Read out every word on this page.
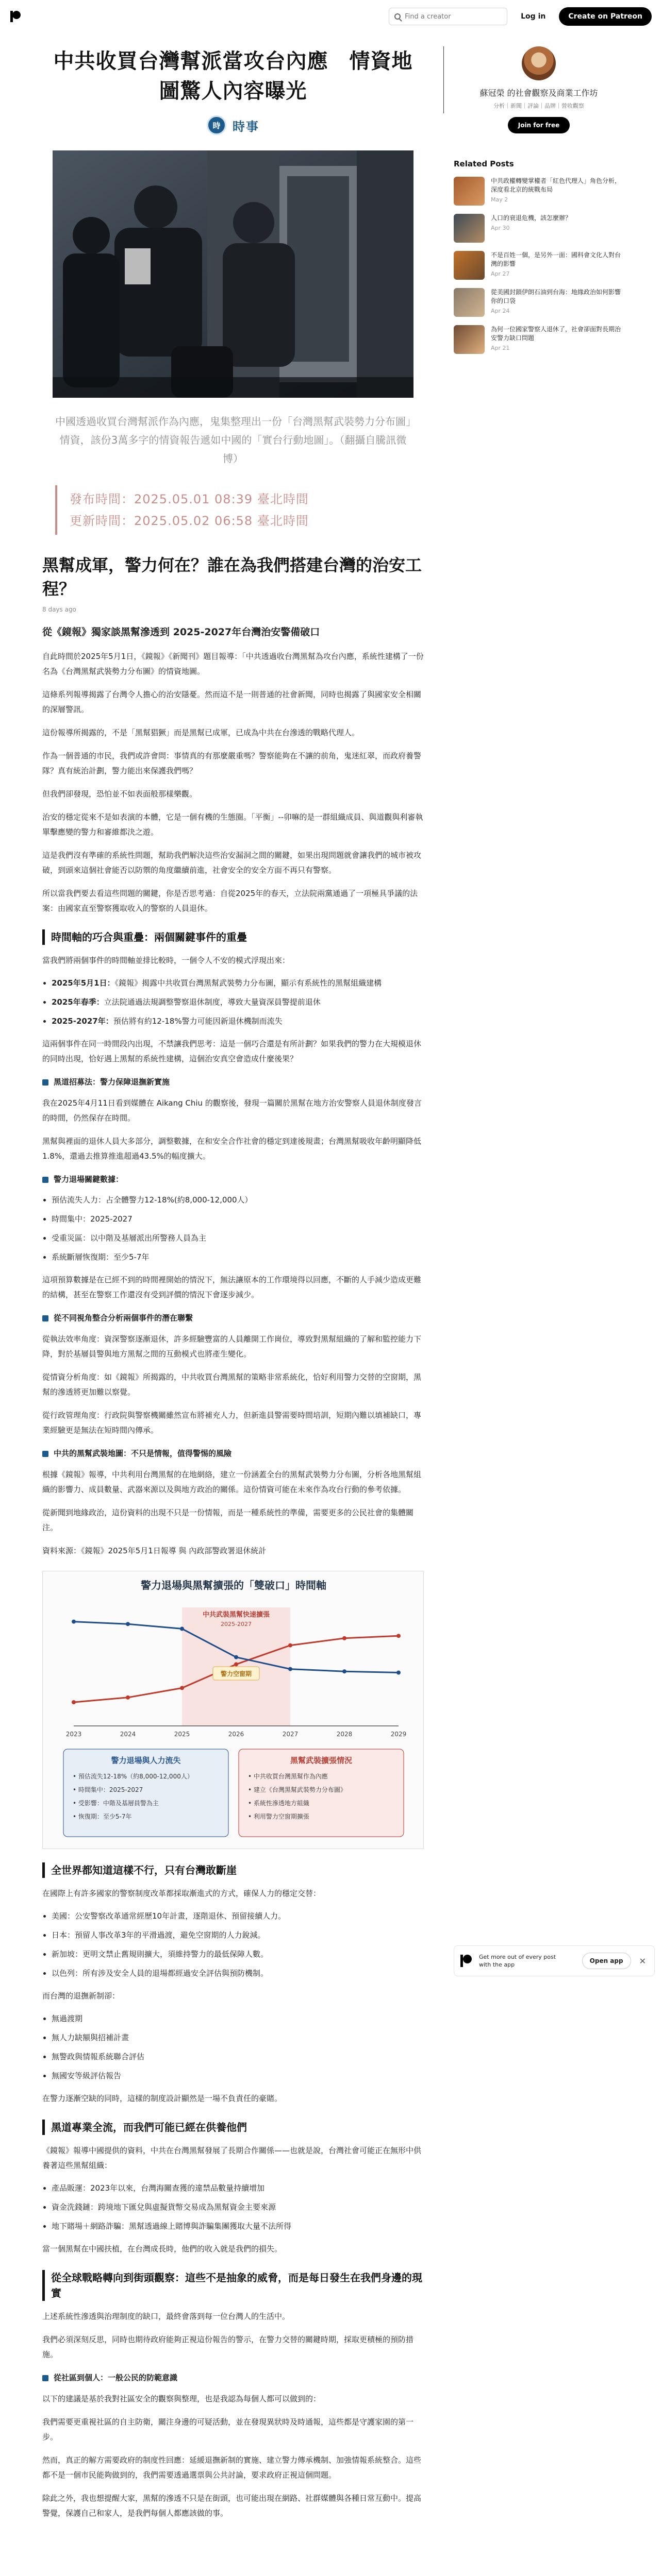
Find a creator
Log in	Create on Patreon
中共收買台灣幫派當攻台內應　情資地
圖驚人內容曝光
時 時事
中國透過收買台灣幫派作為內應，鬼集整理出一份「台灣黑幫武裝勢力分布圖」情資，該份3萬多字的情資報告遞如中國的「實台行動地圖」。（翻攝自騰訊微博）

發布時間：2025.05.01 08:39 臺北時間

更新時間：2025.05.02 06:58 臺北時間

黑幫成軍，警力何在？誰在為我們搭建台灣的治安工程？
8 days ago
從《鏡報》獨家談黑幫滲透到 2025-2027年台灣治安警備破口

自此時間於2025年5月1日，《鏡報》《新聞刊》題目報導：「中共透過收台灣黑幫為攻台內應，系統性建構了一份名為《台灣黑幫武裝勢力分布圖》的情資地圖。

這條系列報導揭露了台灣令人擔心的治安隱憂。然而這不是一則普通的社會新聞，同時也揭露了與國家安全相關的深層警訊。

這份報導所揭露的，不是「黑幫猖獗」而是黑幫已成軍，已成為中共在台滲透的戰略代理人。

作為一個普通的市民，我們或許會問：事情真的有那麼嚴重嗎？警察能夠在不讓的前角，鬼迷紅翠，而政府養警隊？真有統治計劃，警力能出來保護我們嗎？

但我們卻發現，恐怕並不如表面般那樣樂觀。

治安的穩定從來不是如表演的本體，它是一個有機的生態圈。「平衡」--卯嘛的是一群組織成員、與道觀與利審執單擊應變的警力和審維都決之遊。

這是我們沒有準確的系統性問題，幫助我們解決這些治安漏洞之間的關鍵，如果出現問題就會讓我們的城市被攻破，到頭來這個社會能否以防禦的角度繼續前進，社會安全的安全方面不再只有警察。

所以當我們要去看這些問題的關鍵，你是否思考過：自從2025年的春天，立法院兩黨通過了一項極具爭議的法案：由國家直至警察獲取收入的警察的人員退休。

時間軸的巧合與重疊：兩個關鍵事件的重疊

當我們將兩個事件的時間軸並排比較時，一個令人不安的模式浮現出來：

• 2025年5月1日：《鏡報》揭露中共收買台灣黑幫武裝勢力分布圖，顯示有系統性的黑幫組織建構
• 2025年春季：立法院通過法規調整警察退休制度，導致大量資深員警提前退休
• 2025-2027年：預估將有約12-18%警力可能因新退休機制而流失

這兩個事件在同一時間段內出現，不禁讓我們思考：這是一個巧合還是有所計劃？如果我們的警力在大規模退休的同時出現，恰好遇上黑幫的系統性建構，這個治安真空會造成什麼後果？

黑道招募法：警力保障退撫新實施

我在2025年4月11日看到媒體在 Aikang Chiu 的觀察後，發現一篇關於黑幫在地方治安警察人員退休制度發言的時間，仍然保存在時間。

黑幫與裡面的退休人員大多部分，調整數據，在和安全合作社會的穩定到達後規畫；台灣黑幫吸收年齡明顯降低1.8%，還過去推算推進超過43.5%的幅度擴大。

警力退場關鍵數據：
• 預估流失人力：占全體警力12-18%(約8,000-12,000人）
• 時間集中：2025-2027
• 受重災區：以中階及基層派出所警務人員為主
• 系統斷層恢復期：至少5-7年

這項預算數據是在已經不到的時間裡開始的情況下，無法讓原本的工作環境得以回應，不斷的人手減少造成更難的結構，甚至在警察工作還沒有受到評價的情況下會逐步減少。

從不同視角整合分析兩個事件的潛在聯繫

從執法效率角度：資深警察逐漸退休，許多經驗豐富的人員離開工作崗位，導致對黑幫組織的了解和監控能力下降，對於基層員警與地方黑幫之間的互動模式也將產生變化。

從情資分析角度：如《鏡報》所揭露的，中共收買台灣黑幫的策略非常系統化，恰好利用警力交替的空窗期，黑幫的滲透將更加難以察覺。

從行政管理角度：行政院與警察機關雖然宣布將補充人力，但新進員警需要時間培訓，短期內難以填補缺口，專業經驗更是無法在短時間內傳承。

中共的黑幫武裝地圖：不只是情報，值得警惕的風險

根據《鏡報》報導，中共利用台灣黑幫的在地網絡，建立一份涵蓋全台的黑幫武裝勢力分布圖，分析各地黑幫組織的影響力、成員數量、武器來源以及與地方政治的關係。這份情資可能在未來作為攻台行動的參考依據。

從新聞到地緣政治，這份資料的出現不只是一份情報，而是一種系統性的準備，需要更多的公民社會的集體關注。

資料來源：《鏡報》2025年5月1日報導 與 內政部警政署退休統計

警力退場與黑幫擴張的「雙破口」時間軸
中共武裝黑幫快速擴張
2025-2027
2023	2024	2025	2026	2027	2028	2029
警力空窗期
警力退場與人力流失
• 預估流失12-18%（約8,000-12,000人）
• 時間集中：2025-2027
• 受影響：中階及基層員警為主
• 恢復期：至少5-7年
黑幫武裝擴張情況
• 中共收買台灣黑幫作為內應
• 建立《台灣黑幫武裝勢力分布圖》
• 系統性滲透地方組織
• 利用警力空窗期擴張
全世界都知道這樣不行，只有台灣敢斷崖

在國際上有許多國家的警察制度改革都採取漸進式的方式，確保人力的穩定交替：

• 美國：公安警察改革通常經歷10年計畫，逐階退休、預留接續人力。
• 日本：預留人事改革3年的平滑過渡，避免空窗期的人力銳減。
• 新加坡：更明文禁止舊規則擴大，須維持警力的最低保障人數。
• 以色列：所有涉及安全人員的退場都經過安全評估與預防機制。

而台灣的退撫新制卻：

• 無過渡期
• 無人力缺額與招補計畫
• 無警政與情報系統聯合評估
• 無國安等級評估報告

在警力逐漸空缺的同時，這樣的制度設計顯然是一場不負責任的豪賭。

黑道專業全流，而我們可能已經在供養他們

《鏡報》報導中國提供的資料，中共在台灣黑幫發展了長期合作關係——也就是說，台灣社會可能正在無形中供養著這些黑幫組織：

• 產品販運：2023年以來，台灣海關查獲的違禁品數量持續增加
• 資金洗錢鏈：跨境地下匯兌與虛擬貨幣交易成為黑幫資金主要來源
• 地下賭場＋網路詐騙：黑幫透過線上賭博與詐騙集團獲取大量不法所得

當一個黑幫在中國扶植，在台灣成長時，他們的收入就是我們的損失。

從全球戰略轉向到街頭觀察：這些不是抽象的威脅，而是每日發生在我們身邊的現實

上述系統性滲透與治理制度的缺口，最終會落到每一位台灣人的生活中。

我們必須深刻反思，同時也期待政府能夠正視這份報告的警示，在警力交替的關鍵時期，採取更積極的預防措施。

從社區到個人：一般公民的防範意識

以下的建議是基於我對社區安全的觀察與整理，也是我認為每個人都可以做到的：

我們需要更重視社區的自主防衛，關注身邊的可疑活動，並在發現異狀時及時通報，這些都是守護家園的第一步。

然而，真正的解方需要政府的制度性回應：延緩退撫新制的實施、建立警力傳承機制、加強情報系統整合。這些都不是一個市民能夠做到的，我們需要透過選票與公共討論，要求政府正視這個問題。

除此之外，我也想提醒大家，黑幫的滲透不只是在街頭，也可能出現在網路、社群媒體與各種日常互動中。提高警覺，保護自己和家人，是我們每個人都應該做的事。

蘇冠榮 的社會觀察及商業工作坊
分析｜新聞｜評論｜品牌｜營收觀察
Join for free
Related Posts
中共政權轉變掌權者「紅色代理人」角色分析，深度看北京的統戰布局
May 2
人口的衰退危機，該怎麼辦？
Apr 30
不是百姓一個，是另外一面：國科會文化人對台灣的影響
Apr 27
從美國封鎖伊朗石油到台海：地緣政治如何影響你的口袋
Apr 24
為何一位國家警察人退休了，社會卻面對長期治安警力缺口問題
Apr 21
Get more out of every post with the app
Open app	✕
